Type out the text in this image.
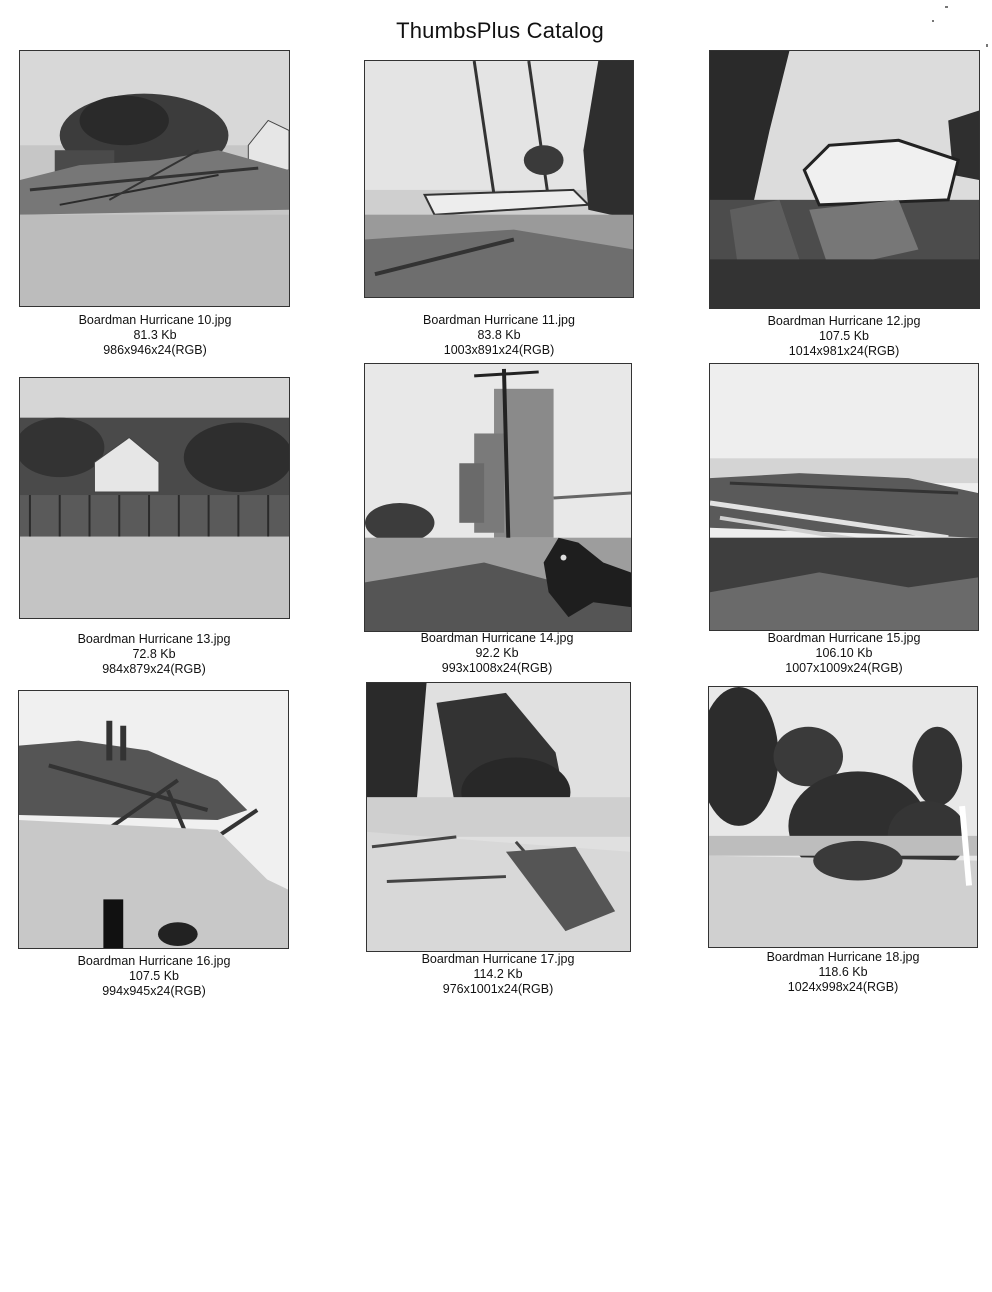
ThumbsPlus Catalog
Boardman Hurricane 10.jpg
81.3 Kb
986x946x24(RGB)
Boardman Hurricane 11.jpg
83.8 Kb
1003x891x24(RGB)
Boardman Hurricane 12.jpg
107.5 Kb
1014x981x24(RGB)
Boardman Hurricane 13.jpg
72.8 Kb
984x879x24(RGB)
Boardman Hurricane 14.jpg
92.2 Kb
993x1008x24(RGB)
Boardman Hurricane 15.jpg
106.10 Kb
1007x1009x24(RGB)
Boardman Hurricane 16.jpg
107.5 Kb
994x945x24(RGB)
Boardman Hurricane 17.jpg
114.2 Kb
976x1001x24(RGB)
Boardman Hurricane 18.jpg
118.6 Kb
1024x998x24(RGB)
